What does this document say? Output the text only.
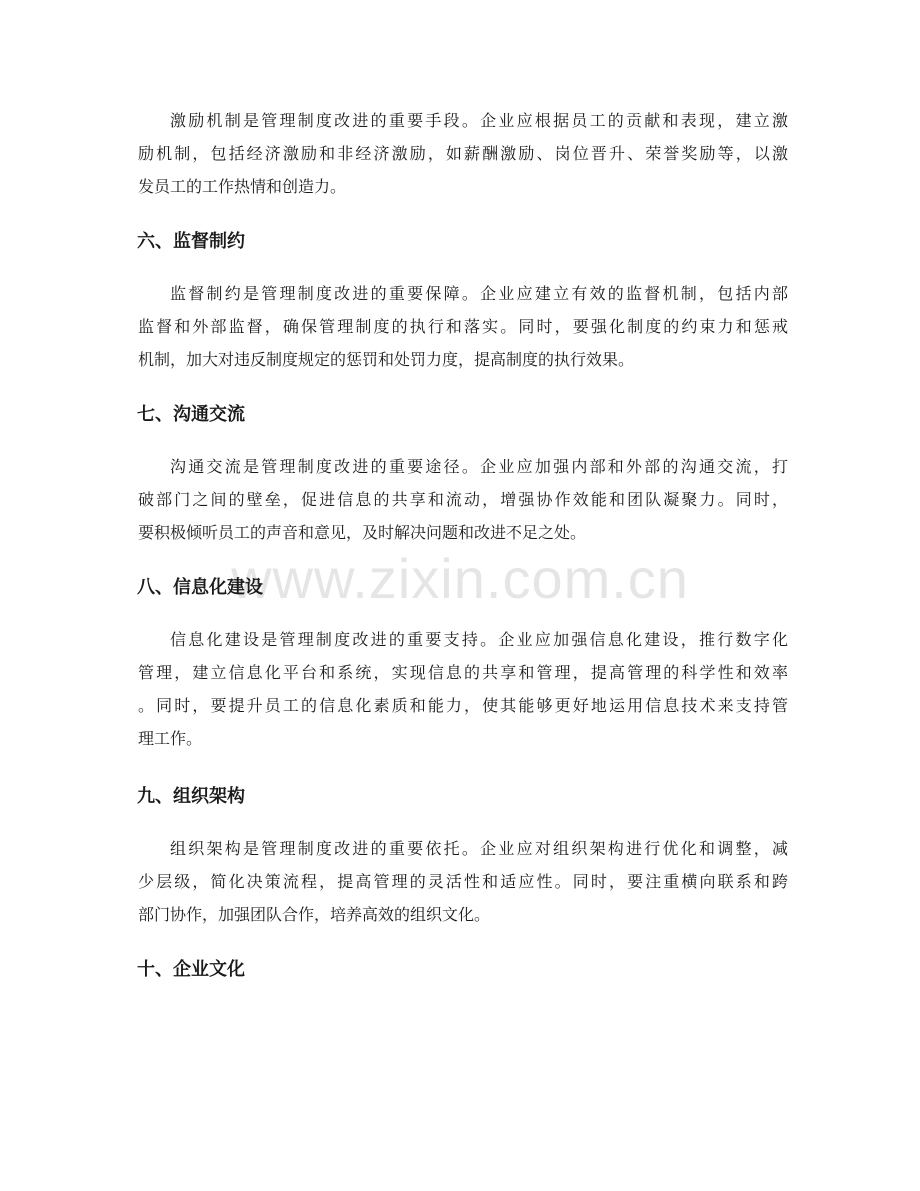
激励机制是管理制度改进的重要手段。企业应根据员工的贡献和表现，建立激
励机制，包括经济激励和非经济激励，如薪酬激励、岗位晋升、荣誉奖励等，以激
发员工的工作热情和创造力。

六、监督制约

监督制约是管理制度改进的重要保障。企业应建立有效的监督机制，包括内部
监督和外部监督，确保管理制度的执行和落实。同时，要强化制度的约束力和惩戒
机制，加大对违反制度规定的惩罚和处罚力度，提高制度的执行效果。

七、沟通交流

沟通交流是管理制度改进的重要途径。企业应加强内部和外部的沟通交流，打
破部门之间的壁垒，促进信息的共享和流动，增强协作效能和团队凝聚力。同时，
要积极倾听员工的声音和意见，及时解决问题和改进不足之处。

八、信息化建设

信息化建设是管理制度改进的重要支持。企业应加强信息化建设，推行数字化
管理，建立信息化平台和系统，实现信息的共享和管理，提高管理的科学性和效率
。同时，要提升员工的信息化素质和能力，使其能够更好地运用信息技术来支持管
理工作。

九、组织架构

组织架构是管理制度改进的重要依托。企业应对组织架构进行优化和调整，减
少层级，简化决策流程，提高管理的灵活性和适应性。同时，要注重横向联系和跨
部门协作，加强团队合作，培养高效的组织文化。

十、企业文化
www.zixin.com.cn
